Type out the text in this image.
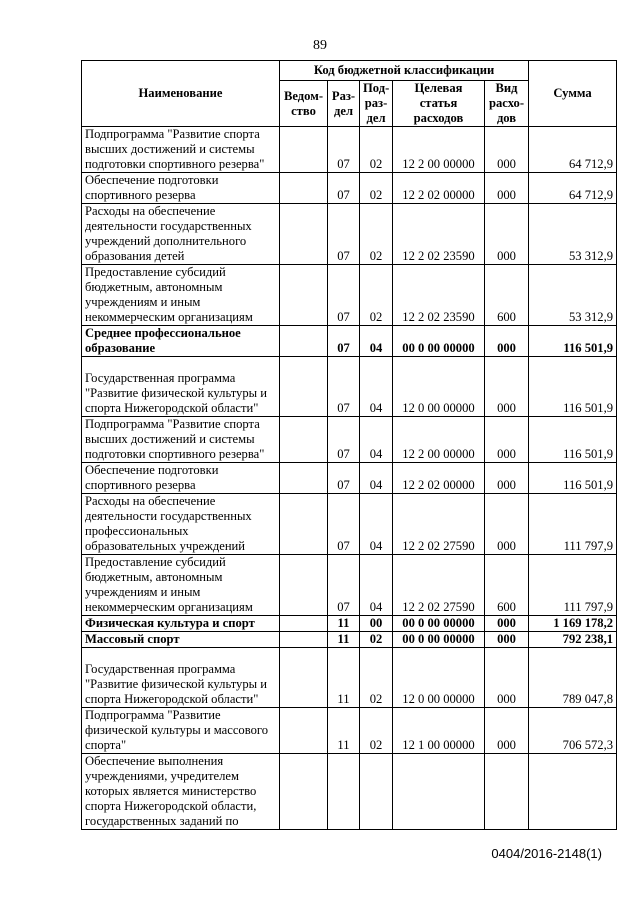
89
Наименование	Код бюджетной классификации					Сумма
	Ведом-ство	Раз-дел	Под-раз-дел	Целевая статья расходов	Вид расхо-дов	
Подпрограмма "Развитие спорта высших достижений и системы подготовки спортивного резерва"		07	02	12 2 00 00000	000	64 712,9
Обеспечение подготовки спортивного резерва		07	02	12 2 02 00000	000	64 712,9
Расходы на обеспечение деятельности государственных учреждений дополнительного образования детей		07	02	12 2 02 23590	000	53 312,9
Предоставление субсидий бюджетным, автономным учреждениям и иным некоммерческим организациям		07	02	12 2 02 23590	600	53 312,9
Среднее профессиональное образование		07	04	00 0 00 00000	000	116 501,9
Государственная программа "Развитие физической культуры и спорта Нижегородской области"		07	04	12 0 00 00000	000	116 501,9
Подпрограмма "Развитие спорта высших достижений и системы подготовки спортивного резерва"		07	04	12 2 00 00000	000	116 501,9
Обеспечение подготовки спортивного резерва		07	04	12 2 02 00000	000	116 501,9
Расходы на обеспечение деятельности государственных профессиональных образовательных учреждений		07	04	12 2 02 27590	000	111 797,9
Предоставление субсидий бюджетным, автономным учреждениям и иным некоммерческим организациям		07	04	12 2 02 27590	600	111 797,9
Физическая культура и спорт		11	00	00 0 00 00000	000	1 169 178,2
Массовый спорт		11	02	00 0 00 00000	000	792 238,1
Государственная программа "Развитие физической культуры и спорта Нижегородской области"		11	02	12 0 00 00000	000	789 047,8
Подпрограмма "Развитие физической культуры и массового спорта"		11	02	12 1 00 00000	000	706 572,3
Обеспечение выполнения учреждениями, учредителем которых является министерство спорта Нижегородской области, государственных заданий по						
0404/2016-2148(1)
